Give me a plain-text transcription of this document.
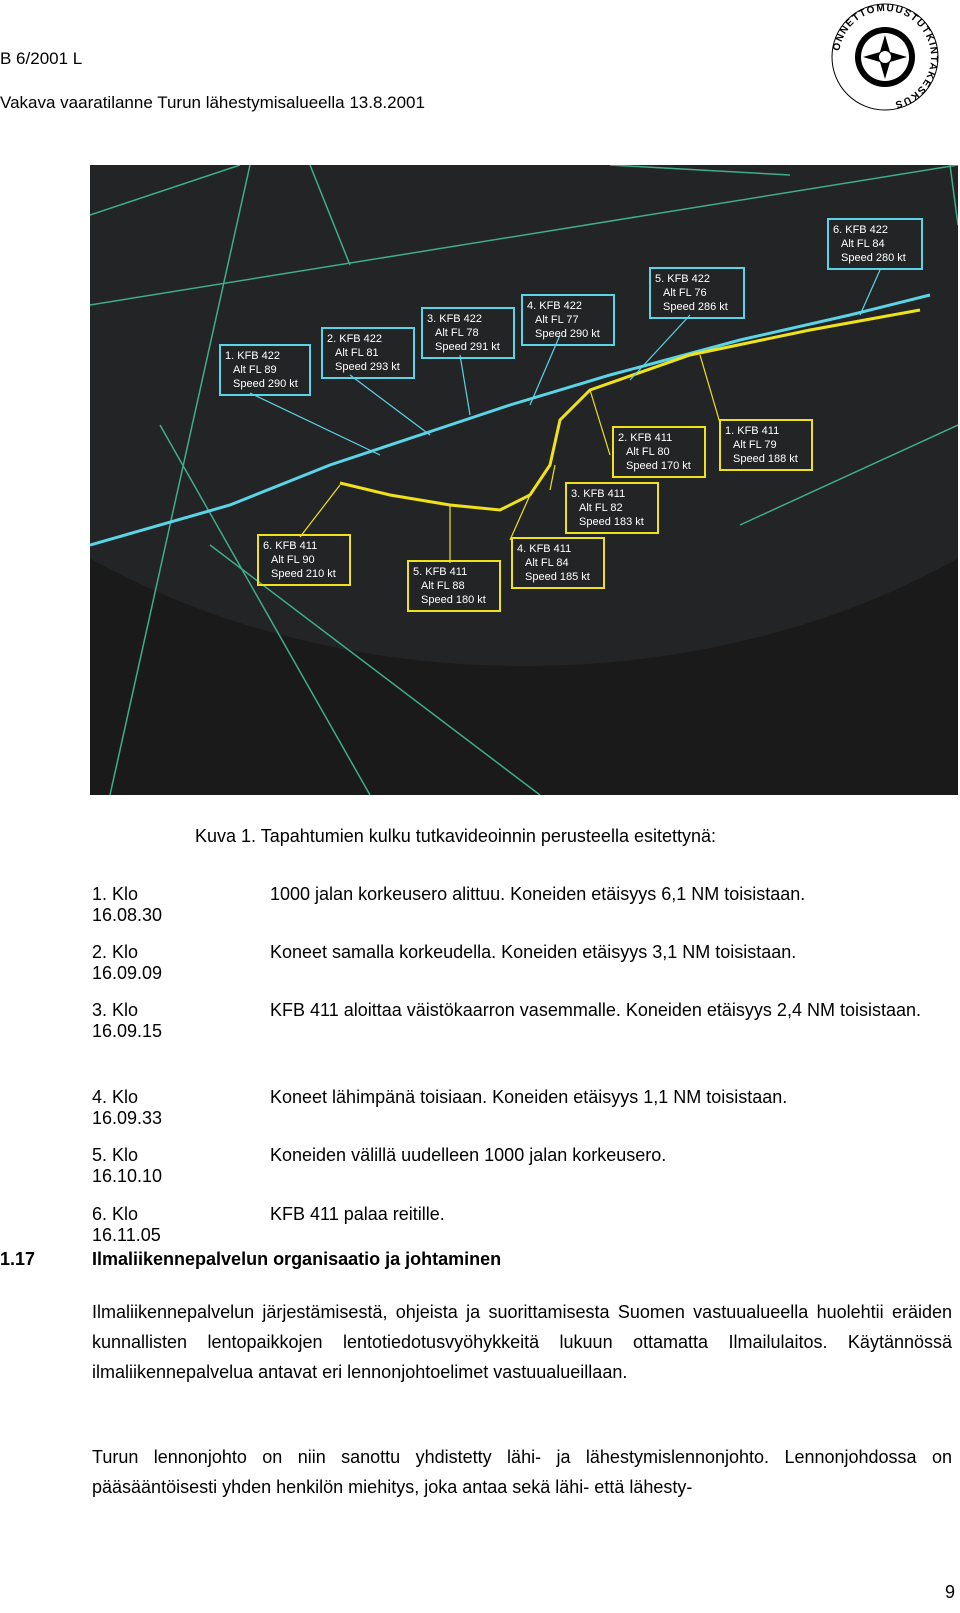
B 6/2001 L
Vakava vaaratilanne Turun lähestymisalueella 13.8.2001
ONNETTOMUUSTUTKINTAKESKUS
1. KFB 422
Alt FL 89
Speed 290 kt
2. KFB 422
Alt FL 81
Speed 293 kt
3. KFB 422
Alt FL 78
Speed 291 kt
4. KFB 422
Alt FL 77
Speed 290 kt
5. KFB 422
Alt FL 76
Speed 286 kt
6. KFB 422
Alt FL 84
Speed 280 kt
1. KFB 411
Alt FL 79
Speed 188 kt
2. KFB 411
Alt FL 80
Speed 170 kt
3. KFB 411
Alt FL 82
Speed 183 kt
4. KFB 411
Alt FL 84
Speed 185 kt
5. KFB 411
Alt FL 88
Speed 180 kt
6. KFB 411
Alt FL 90
Speed 210 kt
Kuva 1. Tapahtumien kulku tutkavideoinnin perusteella esitettynä:
1. Klo 16.08.30
1000 jalan korkeusero alittuu. Koneiden etäisyys 6,1 NM toisistaan.
2. Klo 16.09.09
Koneet samalla korkeudella. Koneiden etäisyys 3,1 NM toisistaan.
3. Klo 16.09.15
KFB 411 aloittaa väistökaarron vasemmalle. Koneiden etäisyys 2,4 NM toisistaan.
4. Klo 16.09.33
Koneet lähimpänä toisiaan. Koneiden etäisyys 1,1 NM toisistaan.
5. Klo 16.10.10
Koneiden välillä uudelleen 1000 jalan korkeusero.
6. Klo 16.11.05
KFB 411 palaa reitille.
1.17	Ilmaliikennepalvelun organisaatio ja johtaminen
Ilmaliikennepalvelun järjestämisestä, ohjeista ja suorittamisesta Suomen vastuualueella huolehtii eräiden kunnallisten lentopaikkojen lentotiedotusvyöhykkeitä lukuun ottamatta Ilmailulaitos. Käytännössä ilmaliikennepalvelua antavat eri lennonjohtoelimet vastuualueillaan.
Turun lennonjohto on niin sanottu yhdistetty lähi- ja lähestymislennonjohto. Lennonjohdossa on pääsääntöisesti yhden henkilön miehitys, joka antaa sekä lähi- että lähesty-
9
